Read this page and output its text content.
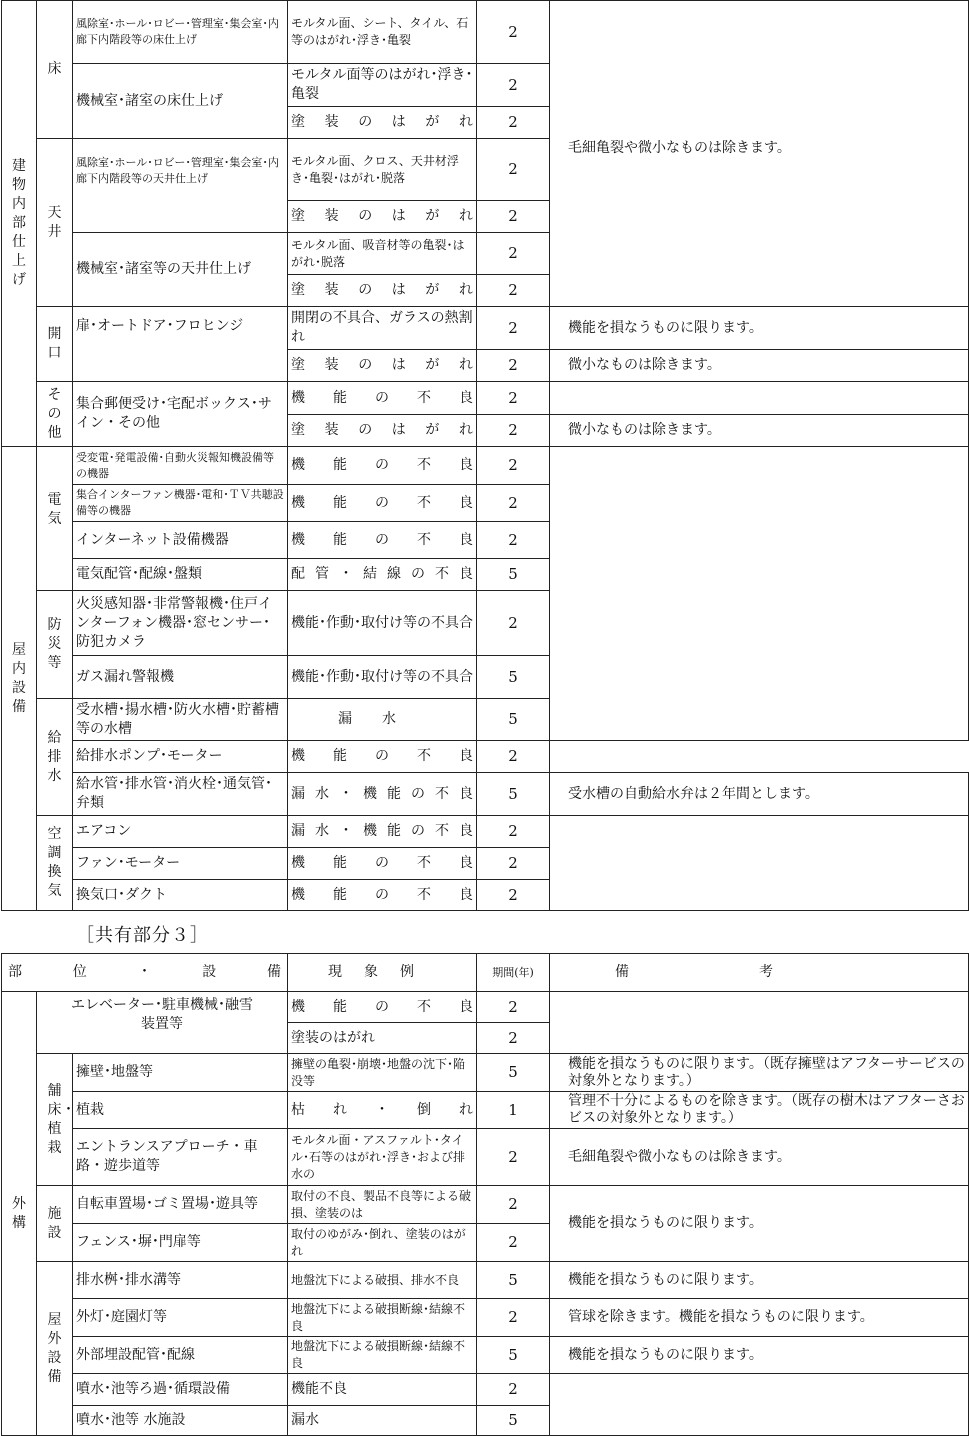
建物内部仕上げ	床	風除室･ホール･ロビー･管理室･集会室･内廊下内階段等の床仕上げ	モルタル面、シート、タイル、石等のはがれ･浮き･亀裂	2	毛細亀裂や微小なものは除きます。
		機械室･諸室の床仕上げ	モルタル面等のはがれ･浮き･亀裂	2	
			塗装のはがれ	2	
	天井	風除室･ホール･ロビー･管理室･集会室･内廊下内階段等の天井仕上げ	モルタル面、クロス、天井材浮き･亀裂･はがれ･脱落	2	
			塗装のはがれ	2	
		機械室･諸室等の天井仕上げ	モルタル面、吸音材等の亀裂･はがれ･脱落	2	
			塗装のはがれ	2	
	開口	扉･オートドア･フロヒンジ	開閉の不具合、ガラスの熱割れ	2	機能を損なうものに限ります。
			塗装のはがれ	2	微小なものは除きます。
	その他	集合郵便受け･宅配ボックス･サイン・その他	機能の不良	2	
			塗装のはがれ	2	微小なものは除きます。
屋内設備	電気	受変電･発電設備･自動火災報知機設備等の機器	機能の不良	2	
		集合インターファン機器･電和･ＴＶ共聴設備等の機器	機能の不良	2	
		インターネット設備機器	機能の不良	2	
		電気配管･配線･盤類	配管・結線の不良	5	
	防災等	火災感知器･非常警報機･住戸インターフォン機器･窓センサー･防犯カメラ	機能･作動･取付け等の不具合	2	
		ガス漏れ警報機	機能･作動･取付け等の不具合	5	
	給排水	受水槽･揚水槽･防火水槽･貯蓄槽等の水槽	漏水	5	
		給排水ポンプ･モーター	機能の不良	2	
		給水管･排水管･消火栓･通気管･弁類	漏水・機能の不良	5	受水槽の自動給水弁は２年間とします。
	空調換気	エアコン	漏水・機能の不良	2	
		ファン･モーター	機能の不良	2	
		換気口･ダクト	機能の不良	2	
［共有部分３］
部位・設備			現象例	期間(年)	備考
外構	エレベーター･駐車機械･融雪装置等		機能の不良	2	
			塗装のはがれ	2	
	舗床・植栽	擁壁･地盤等	擁壁の亀裂･崩壊･地盤の沈下･陥没等	5	機能を損なうものに限ります。（既存擁壁はアフターサービスの対象外となります。）
		植栽	枯れ・倒れ	1	管理不十分によるものを除きます。（既存の樹木はアフターさおビスの対象外となります。）
		エントランスアプローチ・車路・遊歩道等	モルタル面・アスファルト･タイル･石等のはがれ･浮き･および排水の	2	毛細亀裂や微小なものは除きます。
	施設	自転車置場･ゴミ置場･遊具等	取付の不良、製品不良等による破損、塗装のは	2	機能を損なうものに限ります。
		フェンス･塀･門扉等	取付のゆがみ･倒れ、塗装のはがれ	2	
	屋外設備	排水桝･排水溝等	地盤沈下による破損、排水不良	5	機能を損なうものに限ります。
		外灯･庭園灯等	地盤沈下による破損断線･結線不良	2	管球を除きます。機能を損なうものに限ります。
		外部埋設配管･配線	地盤沈下による破損断線･結線不良	5	機能を損なうものに限ります。
		噴水･池等ろ過･循環設備	機能不良	2	
		噴水･池等 水施設	漏水	5	
